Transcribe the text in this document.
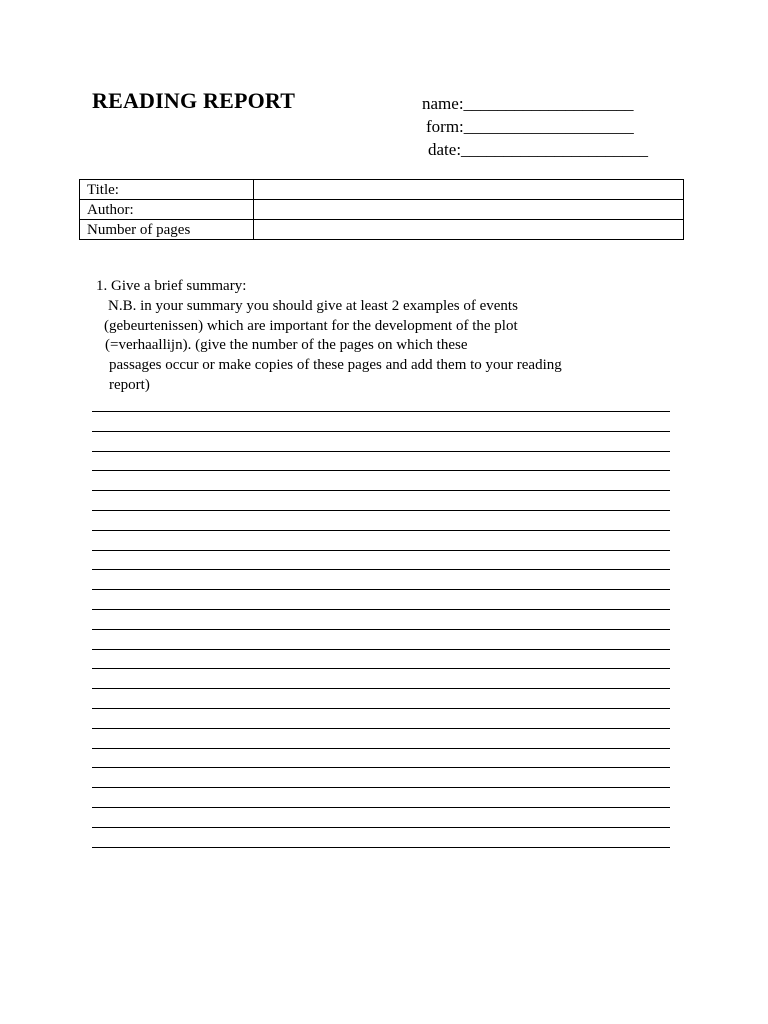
READING REPORT	name:____________________
form:____________________
date:______________________
Title:	
Author:	
Number of pages	
1. Give a brief summary:
N.B. in your summary you should give at least 2 examples of events
(gebeurtenissen) which are important for the development of the plot
(=verhaallijn). (give the number of the pages on which these
passages occur or make copies of these pages and add them to your reading
report)
